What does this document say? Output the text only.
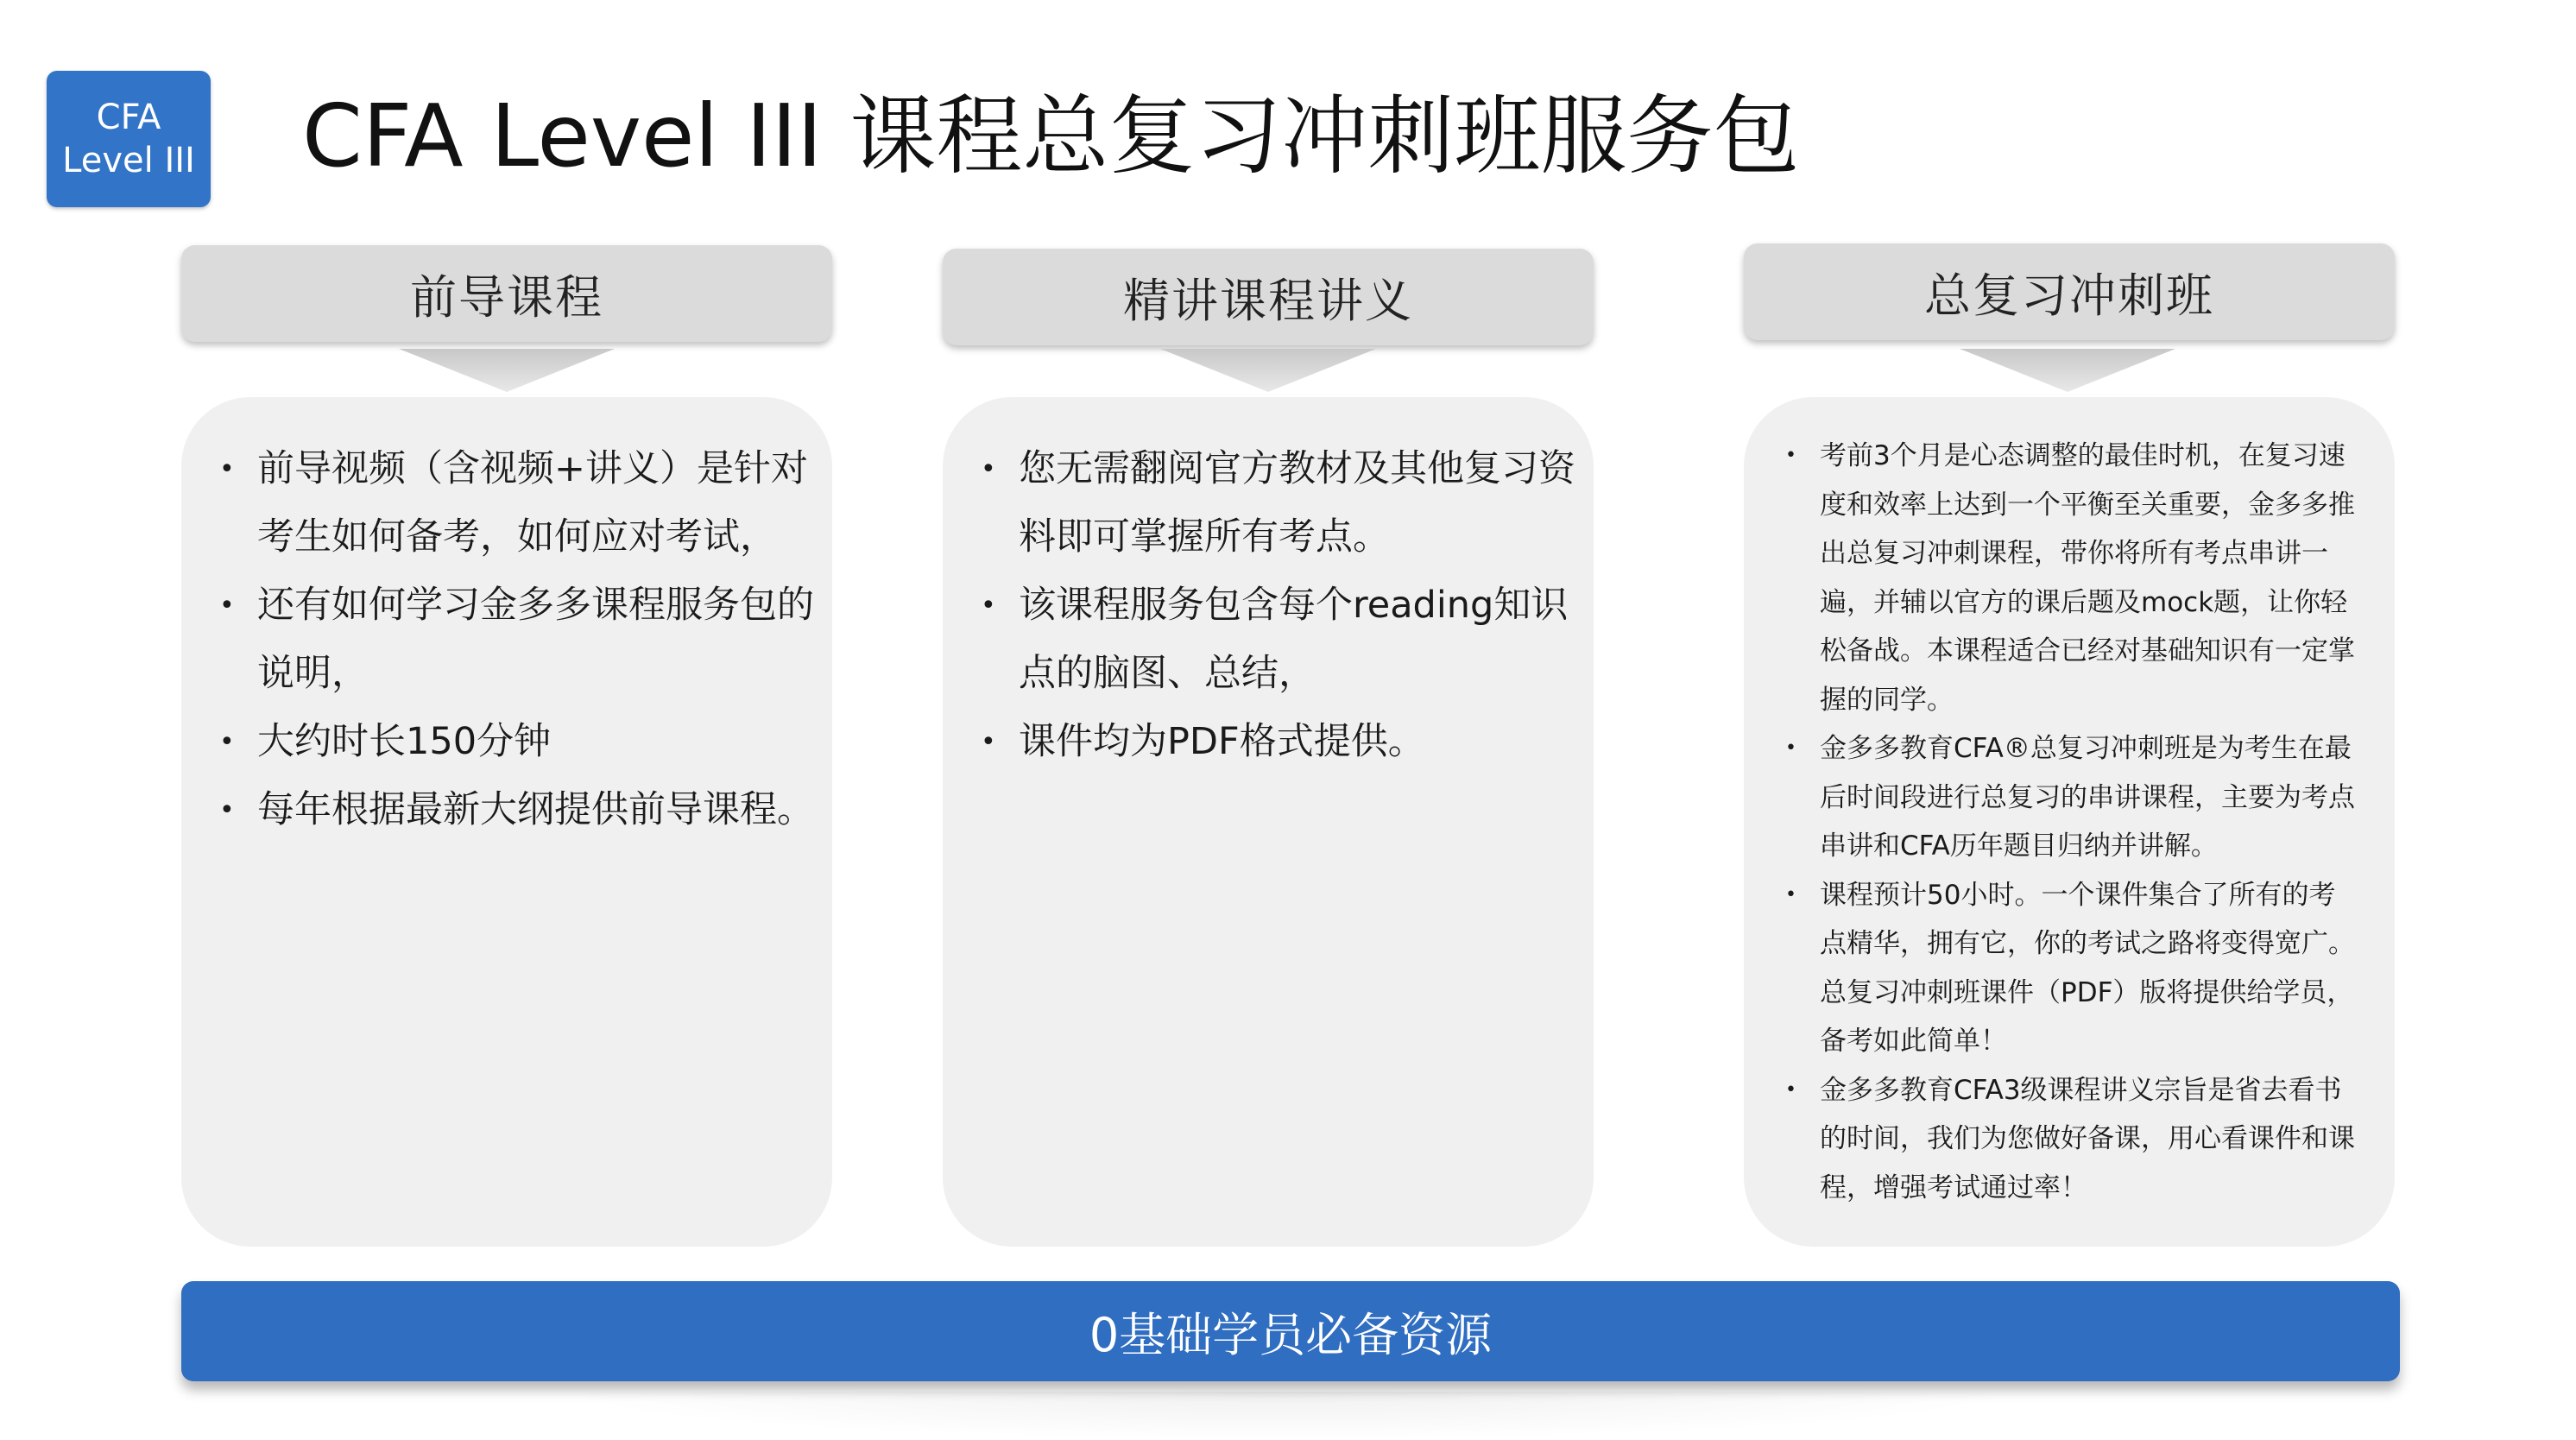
CFA
Level III CFA Level III 课程总复习冲刺班服务包
前导课程
• 前导视频（含视频+讲义）是针对考生如何备考，如何应对考试，
• 还有如何学习金多多课程服务包的说明，
• 大约时长150分钟
• 每年根据最新大纲提供前导课程。
精讲课程讲义
• 您无需翻阅官方教材及其他复习资料即可掌握所有考点。
• 该课程服务包含每个reading知识点的脑图、总结，
• 课件均为PDF格式提供。
总复习冲刺班
• 考前3个月是心态调整的最佳时机，在复习速度和效率上达到一个平衡至关重要，金多多推出总复习冲刺课程，带你将所有考点串讲一遍，并辅以官方的课后题及mock题，让你轻松备战。本课程适合已经对基础知识有一定掌握的同学。
• 金多多教育CFA®总复习冲刺班是为考生在最后时间段进行总复习的串讲课程，主要为考点串讲和CFA历年题目归纳并讲解。
• 课程预计50小时。一个课件集合了所有的考点精华，拥有它，你的考试之路将变得宽广。总复习冲刺班课件（PDF）版将提供给学员，备考如此简单！
• 金多多教育CFA3级课程讲义宗旨是省去看书的时间，我们为您做好备课，用心看课件和课程，增强考试通过率！
0基础学员必备资源
